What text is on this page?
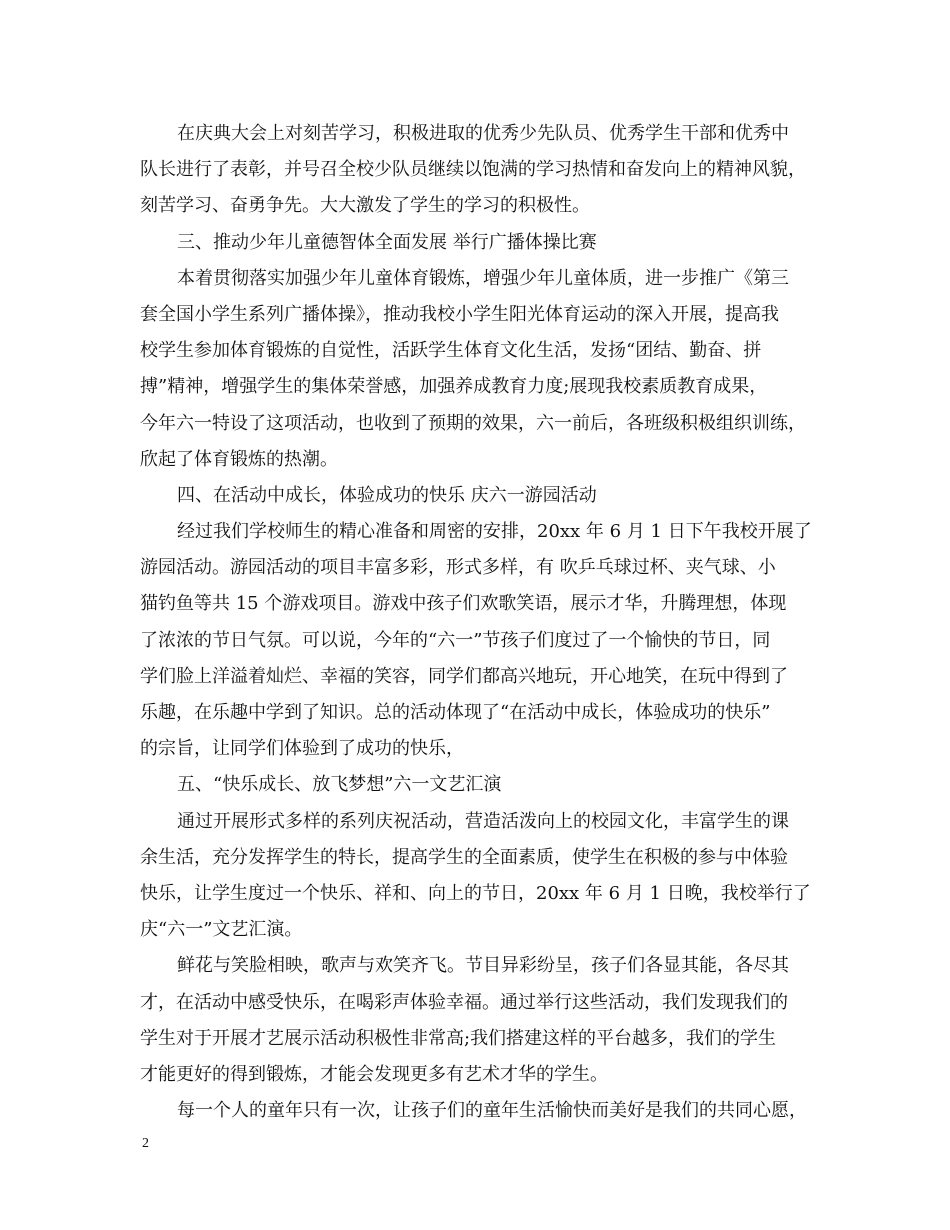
在庆典大会上对刻苦学习，积极进取的优秀少先队员、优秀学生干部和优秀中
队长进行了表彰，并号召全校少队员继续以饱满的学习热情和奋发向上的精神风貌，
刻苦学习、奋勇争先。大大激发了学生的学习的积极性。
三、推动少年儿童德智体全面发展 举行广播体操比赛
本着贯彻落实加强少年儿童体育锻炼，增强少年儿童体质，进一步推广《第三
套全国小学生系列广播体操》，推动我校小学生阳光体育运动的深入开展，提高我
校学生参加体育锻炼的自觉性，活跃学生体育文化生活，发扬“团结、勤奋、拼
搏”精神，增强学生的集体荣誉感，加强养成教育力度;展现我校素质教育成果，
今年六一特设了这项活动，也收到了预期的效果，六一前后，各班级积极组织训练，
欣起了体育锻炼的热潮。
四、在活动中成长，体验成功的快乐 庆六一游园活动
经过我们学校师生的精心准备和周密的安排，20xx 年 6 月 1 日下午我校开展了
游园活动。游园活动的项目丰富多彩，形式多样，有 吹乒乓球过杯、夹气球、小
猫钓鱼等共 15 个游戏项目。游戏中孩子们欢歌笑语，展示才华，升腾理想，体现
了浓浓的节日气氛。可以说，今年的“六一”节孩子们度过了一个愉快的节日，同
学们脸上洋溢着灿烂、幸福的笑容，同学们都高兴地玩，开心地笑，在玩中得到了
乐趣，在乐趣中学到了知识。总的活动体现了“在活动中成长，体验成功的快乐”
的宗旨，让同学们体验到了成功的快乐，
五、“快乐成长、放飞梦想”六一文艺汇演
通过开展形式多样的系列庆祝活动，营造活泼向上的校园文化，丰富学生的课
余生活，充分发挥学生的特长，提高学生的全面素质，使学生在积极的参与中体验
快乐，让学生度过一个快乐、祥和、向上的节日，20xx 年 6 月 1 日晚，我校举行了
庆“六一”文艺汇演。
鲜花与笑脸相映，歌声与欢笑齐飞。节目异彩纷呈，孩子们各显其能，各尽其
才，在活动中感受快乐，在喝彩声体验幸福。通过举行这些活动，我们发现我们的
学生对于开展才艺展示活动积极性非常高;我们搭建这样的平台越多，我们的学生
才能更好的得到锻炼，才能会发现更多有艺术才华的学生。
每一个人的童年只有一次，让孩子们的童年生活愉快而美好是我们的共同心愿，
2
